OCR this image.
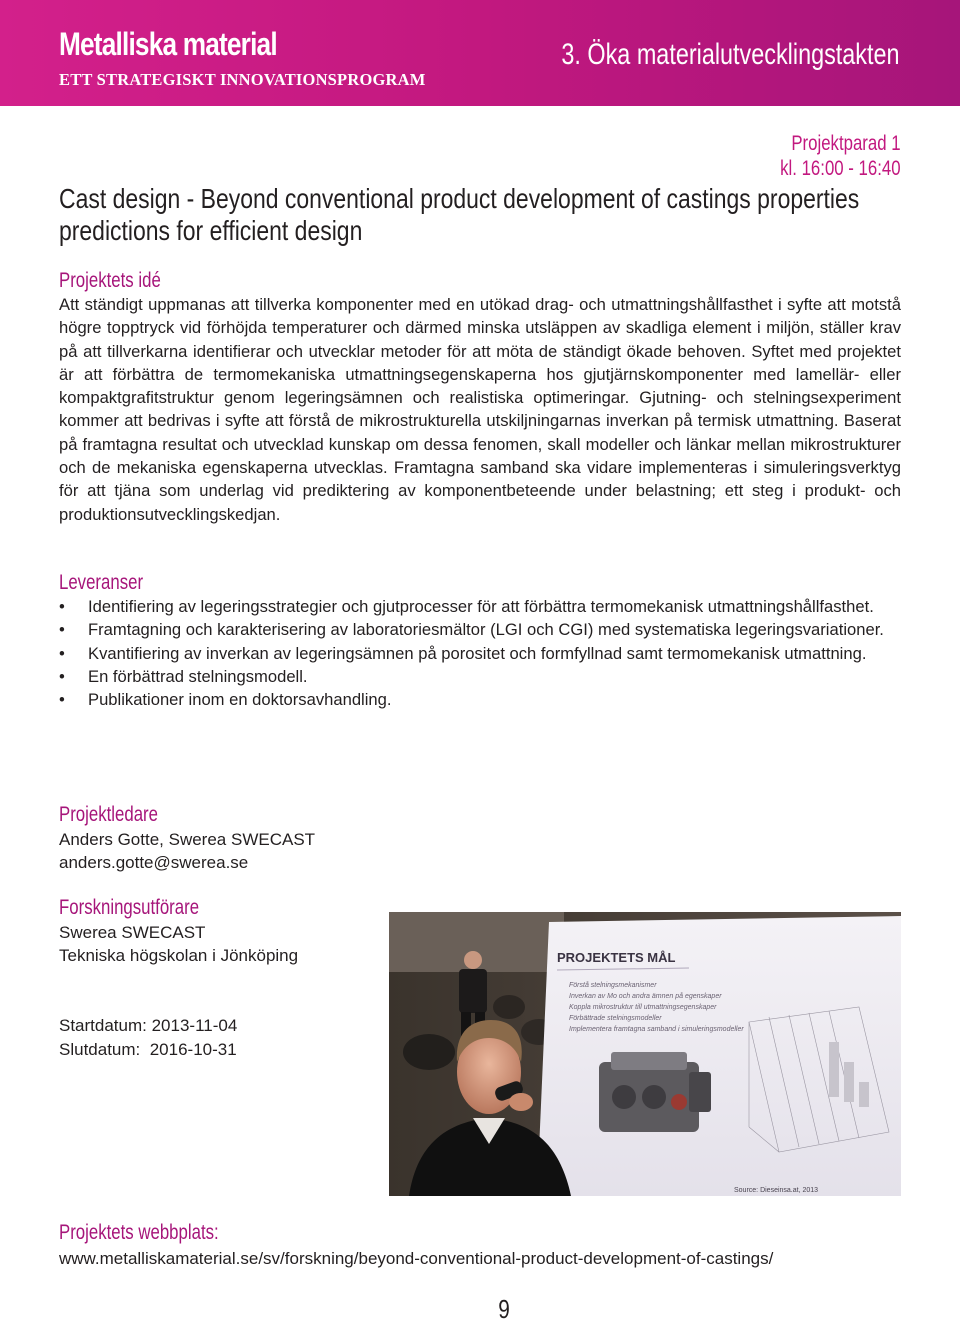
Metalliska material
ETT STRATEGISKT INNOVATIONSPROGRAM
3. Öka materialutvecklingstakten
Projektparad 1
kl. 16:00 - 16:40
Cast design - Beyond conventional product development of castings properties predictions for efficient design
Projektets idé

Att ständigt uppmanas att tillverka komponenter med en utökad drag- och utmattningshållfasthet i syfte att motstå högre topptryck vid förhöjda temperaturer och därmed minska utsläppen av skadliga element i miljön, ställer krav på att tillverkarna identifierar och utvecklar metoder för att möta de ständigt ökade behoven. Syftet med projektet är att förbättra de termomekaniska utmattningsegenskaperna hos gjutjärnskomponenter med lamellär- eller kompaktgrafitstruktur genom legeringsämnen och realistiska optimeringar. Gjutning- och stelningsexperiment kommer att bedrivas i syfte att förstå de mikrostrukturella utskiljningarnas inverkan på termisk utmattning. Baserat på framtagna resultat och utvecklad kunskap om dessa fenomen, skall modeller och länkar mellan mikrostrukturer och de mekaniska egenskaperna utvecklas. Framtagna samband ska vidare implementeras i simuleringsverktyg för att tjäna som underlag vid prediktering av komponentbeteende under belastning; ett steg i produkt- och produktionsutvecklingskedjan.

Leveranser
• Identifiering av legeringsstrategier och gjutprocesser för att förbättra termomekanisk utmattningshållfasthet.
• Framtagning och karakterisering av laboratoriesmältor (LGI och CGI) med systematiska legeringsvariationer.
• Kvantifiering av inverkan av legeringsämnen på porositet och formfyllnad samt termomekanisk utmattning.
• En förbättrad stelningsmodell.
• Publikationer inom en doktorsavhandling.
Projektledare

Anders Gotte, Swerea SWECAST

anders.gotte@swerea.se

Forskningsutförare

Swerea SWECAST

Tekniska högskolan i Jönköping

Startdatum: 2013-11-04

Slutdatum:  2016-10-31

PROJEKTETS MÅL
Förstå stelningsmekanismer
Inverkan av Mo och andra ämnen på egenskaper
Koppla mikrostruktur till utmattningsegenskaper
Förbättrade stelningsmodeller
Implementera framtagna samband i simuleringsmodeller
Source: Dieseinsa.at, 2013
Projektets webbplats:
www.metalliskamaterial.se/sv/forskning/beyond-conventional-product-development-of-castings/
9
